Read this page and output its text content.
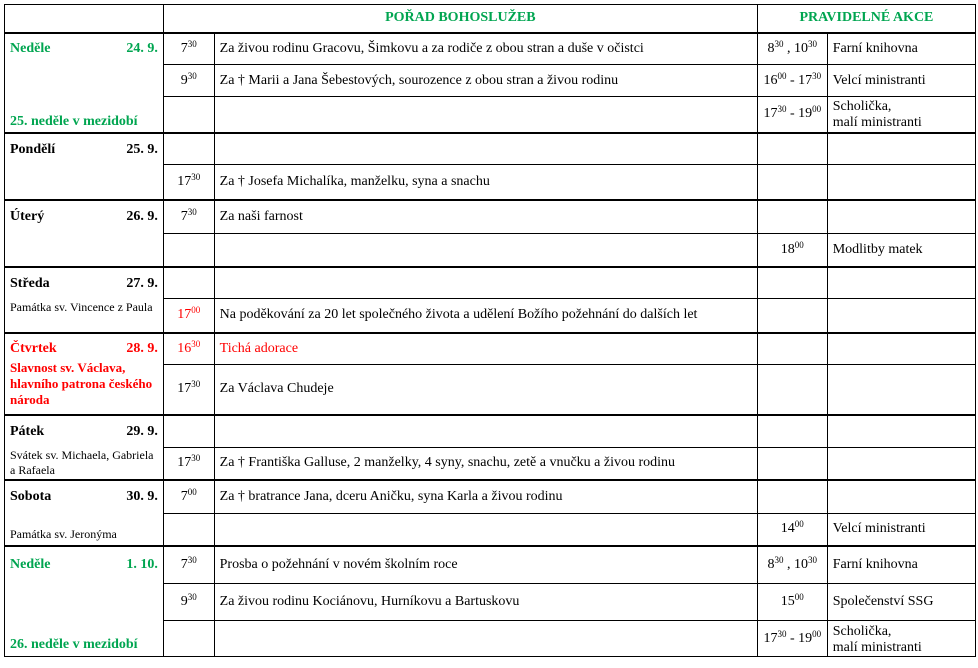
	POŘAD BOHOSLUŽEB		PRAVIDELNÉ AKCE	

Neděle 24. 9.
25. neděle v mezidobí	$7^{30}$	Za živou rodinu Gracovu, Šimkovu a za rodiče z obou stran a duše v očistci	$8^{30}$ , $10^{30}$	Farní knihovna
	$9^{30}$	Za † Marii a Jana Šebestových, sourozence z obou stran a živou rodinu	$16^{00} - 17^{30}$	Velcí ministranti
			$17^{30} - 19^{00}$	Scholička,
malí ministranti

Pondělí 25. 9.				

	$17^{30}$	Za † Josefa Michalíka, manželku, syna a snachu		

Úterý 26. 9.	$7^{30}$	Za naši farnost		
			$18^{00}$	Modlitby matek

Středa 27. 9.
Památka sv. Vincence z Paula				

	$17^{00}$	Na poděkování za 20 let společného života a udělení Božího požehnání do dalších let		

Čtvrtek 28. 9.
Slavnost sv. Václava, hlavního patrona českého národa	$16^{30}$	Tichá adorace		
	$17^{30}$	Za Václava Chudeje		

Pátek 29. 9.
Svátek sv. Michaela, Gabriela a Rafaela				

	$17^{30}$	Za † Františka Galluse, 2 manželky, 4 syny, snachu, zetě a vnučku a živou rodinu		

Sobota 30. 9.
Památka sv. Jeronýma	$7^{00}$	Za † bratrance Jana, dceru Aničku, syna Karla a živou rodinu		
			$14^{00}$	Velcí ministranti

Neděle 1. 10.
26. neděle v mezidobí	$7^{30}$	Prosba o požehnání v novém školním roce	$8^{30}$ , $10^{30}$	Farní knihovna
	$9^{30}$	Za živou rodinu Kociánovu, Hurníkovu a Bartuskovu	$15^{00}$	Společenství SSG
			$17^{30} - 19^{00}$	Scholička,
malí ministranti
